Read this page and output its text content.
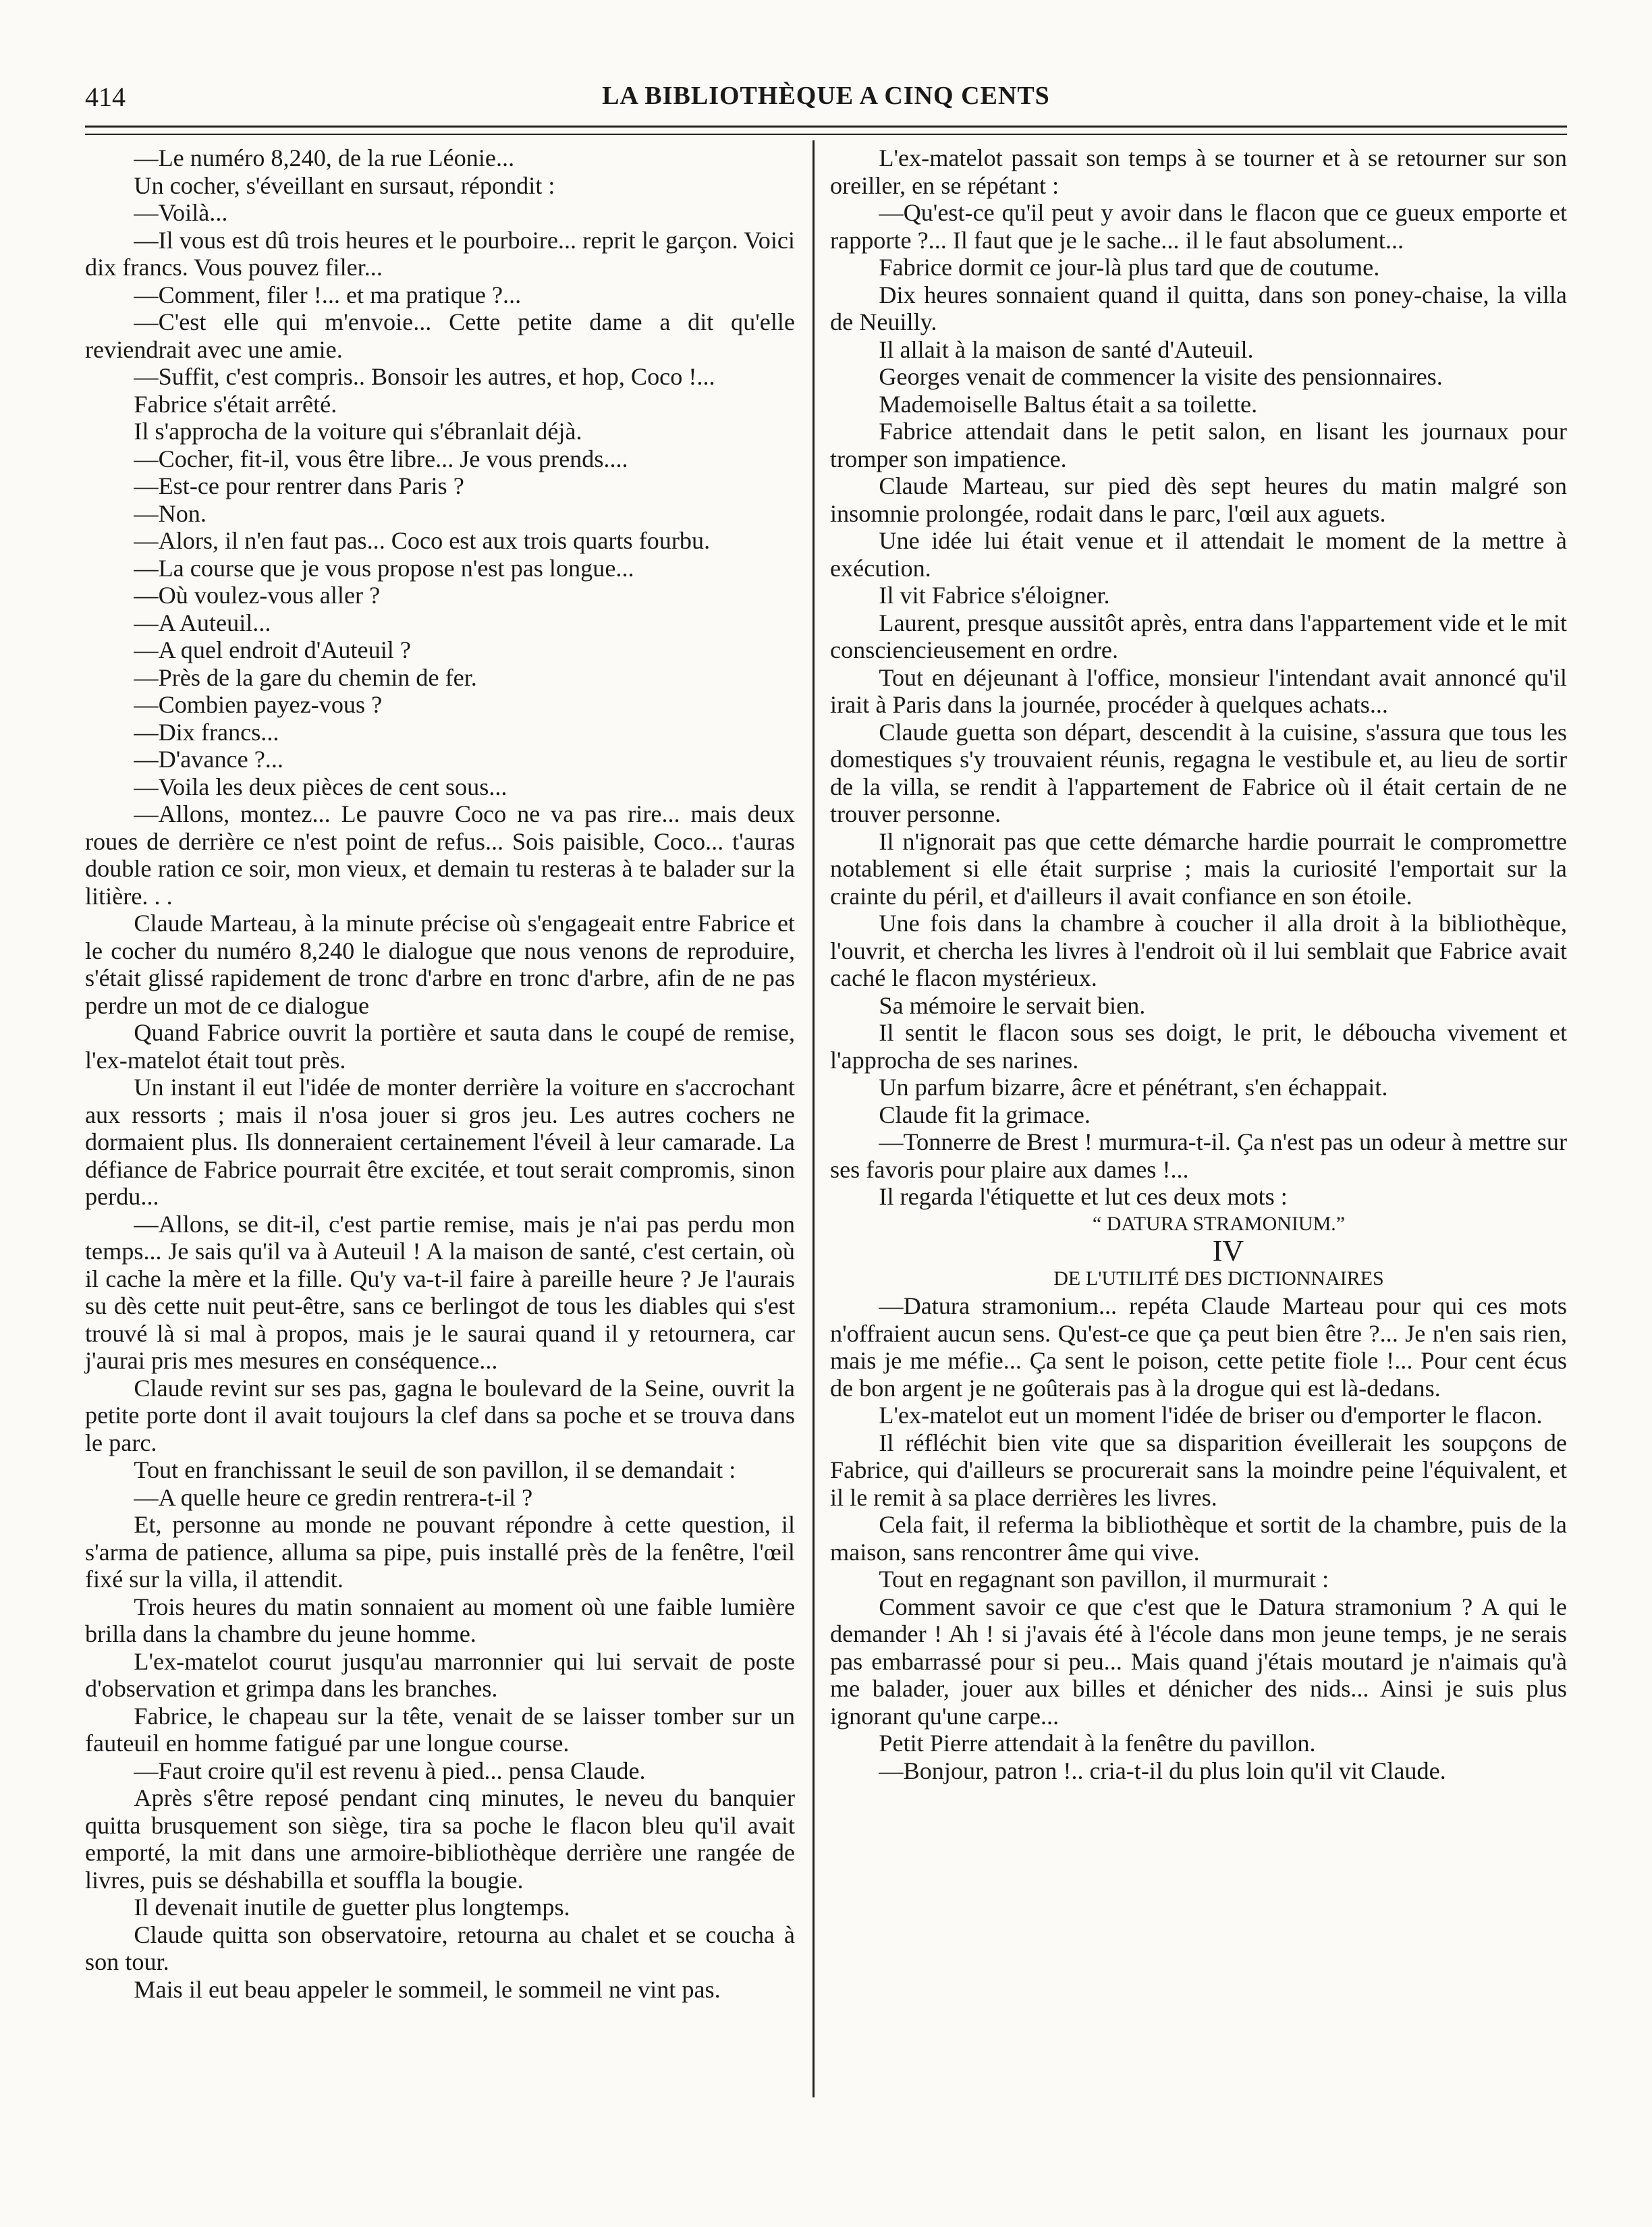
414	LA BIBLIOTHÈQUE A CINQ CENTS

—Le numéro 8,240, de la rue Léonie...

Un cocher, s'éveillant en sursaut, répondit :

—Voilà...

—Il vous est dû trois heures et le pourboire... reprit le garçon. Voici dix francs. Vous pouvez filer...

—Comment, filer !... et ma pratique ?...

—C'est elle qui m'envoie... Cette petite dame a dit qu'elle reviendrait avec une amie.

—Suffit, c'est compris.. Bonsoir les autres, et hop, Coco !...

Fabrice s'était arrêté.

Il s'approcha de la voiture qui s'ébranlait déjà.

—Cocher, fit-il, vous être libre... Je vous prends....

—Est-ce pour rentrer dans Paris ?

—Non.

—Alors, il n'en faut pas... Coco est aux trois quarts fourbu.

—La course que je vous propose n'est pas longue...

—Où voulez-vous aller ?

—A Auteuil...

—A quel endroit d'Auteuil ?

—Près de la gare du chemin de fer.

—Combien payez-vous ?

—Dix francs...

—D'avance ?...

—Voila les deux pièces de cent sous...

—Allons, montez... Le pauvre Coco ne va pas rire... mais deux roues de derrière ce n'est point de refus... Sois paisible, Coco... t'auras double ration ce soir, mon vieux, et demain tu resteras à te balader sur la litière. . .

Claude Marteau, à la minute précise où s'engageait entre Fabrice et le cocher du numéro 8,240 le dialogue que nous venons de reproduire, s'était glissé rapidement de tronc d'arbre en tronc d'arbre, afin de ne pas perdre un mot de ce dialogue

Quand Fabrice ouvrit la portière et sauta dans le coupé de remise, l'ex-matelot était tout près.

Un instant il eut l'idée de monter derrière la voiture en s'accrochant aux ressorts ; mais il n'osa jouer si gros jeu. Les autres cochers ne dormaient plus. Ils donneraient certainement l'éveil à leur camarade. La défiance de Fabrice pourrait être excitée, et tout serait compromis, sinon perdu...

—Allons, se dit-il, c'est partie remise, mais je n'ai pas perdu mon temps... Je sais qu'il va à Auteuil ! A la maison de santé, c'est certain, où il cache la mère et la fille. Qu'y va-t-il faire à pareille heure ? Je l'aurais su dès cette nuit peut-être, sans ce berlingot de tous les diables qui s'est trouvé là si mal à propos, mais je le saurai quand il y retournera, car j'aurai pris mes mesures en conséquence...

Claude revint sur ses pas, gagna le boulevard de la Seine, ouvrit la petite porte dont il avait toujours la clef dans sa poche et se trouva dans le parc.

Tout en franchissant le seuil de son pavillon, il se demandait :

—A quelle heure ce gredin rentrera-t-il ?

Et, personne au monde ne pouvant répondre à cette question, il s'arma de patience, alluma sa pipe, puis installé près de la fenêtre, l'œil fixé sur la villa, il attendit.

Trois heures du matin sonnaient au moment où une faible lumière brilla dans la chambre du jeune homme.

L'ex-matelot courut jusqu'au marronnier qui lui servait de poste d'observation et grimpa dans les branches.

Fabrice, le chapeau sur la tête, venait de se laisser tomber sur un fauteuil en homme fatigué par une longue course.

—Faut croire qu'il est revenu à pied... pensa Claude.

Après s'être reposé pendant cinq minutes, le neveu du banquier quitta brusquement son siège, tira sa poche le flacon bleu qu'il avait emporté, la mit dans une armoire-bibliothèque derrière une rangée de livres, puis se déshabilla et souffla la bougie.

Il devenait inutile de guetter plus longtemps.

Claude quitta son observatoire, retourna au chalet et se coucha à son tour.

Mais il eut beau appeler le sommeil, le sommeil ne vint pas.

L'ex-matelot passait son temps à se tourner et à se retourner sur son oreiller, en se répétant :

—Qu'est-ce qu'il peut y avoir dans le flacon que ce gueux emporte et rapporte ?... Il faut que je le sache... il le faut absolument...

Fabrice dormit ce jour-là plus tard que de coutume.

Dix heures sonnaient quand il quitta, dans son poney-chaise, la villa de Neuilly.

Il allait à la maison de santé d'Auteuil.

Georges venait de commencer la visite des pensionnaires.

Mademoiselle Baltus était a sa toilette.

Fabrice attendait dans le petit salon, en lisant les journaux pour tromper son impatience.

Claude Marteau, sur pied dès sept heures du matin malgré son insomnie prolongée, rodait dans le parc, l'œil aux aguets.

Une idée lui était venue et il attendait le moment de la mettre à exécution.

Il vit Fabrice s'éloigner.

Laurent, presque aussitôt après, entra dans l'appartement vide et le mit consciencieusement en ordre.

Tout en déjeunant à l'office, monsieur l'intendant avait annoncé qu'il irait à Paris dans la journée, procéder à quelques achats...

Claude guetta son départ, descendit à la cuisine, s'assura que tous les domestiques s'y trouvaient réunis, regagna le vestibule et, au lieu de sortir de la villa, se rendit à l'appartement de Fabrice où il était certain de ne trouver personne.

Il n'ignorait pas que cette démarche hardie pourrait le compromettre notablement si elle était surprise ; mais la curiosité l'emportait sur la crainte du péril, et d'ailleurs il avait confiance en son étoile.

Une fois dans la chambre à coucher il alla droit à la bibliothèque, l'ouvrit, et chercha les livres à l'endroit où il lui semblait que Fabrice avait caché le flacon mystérieux.

Sa mémoire le servait bien.

Il sentit le flacon sous ses doigt, le prit, le déboucha vivement et l'approcha de ses narines.

Un parfum bizarre, âcre et pénétrant, s'en échappait.

Claude fit la grimace.

—Tonnerre de Brest ! murmura-t-il. Ça n'est pas un odeur à mettre sur ses favoris pour plaire aux dames !...

Il regarda l'étiquette et lut ces deux mots :

“ DATURA STRAMONIUM.”

IV

DE L'UTILITÉ DES DICTIONNAIRES

—Datura stramonium... repéta Claude Marteau pour qui ces mots n'offraient aucun sens. Qu'est-ce que ça peut bien être ?... Je n'en sais rien, mais je me méfie... Ça sent le poison, cette petite fiole !... Pour cent écus de bon argent je ne goûterais pas à la drogue qui est là-dedans.

L'ex-matelot eut un moment l'idée de briser ou d'emporter le flacon.

Il réfléchit bien vite que sa disparition éveillerait les soupçons de Fabrice, qui d'ailleurs se procurerait sans la moindre peine l'équivalent, et il le remit à sa place derrières les livres.

Cela fait, il referma la bibliothèque et sortit de la chambre, puis de la maison, sans rencontrer âme qui vive.

Tout en regagnant son pavillon, il murmurait :

Comment savoir ce que c'est que le Datura stramonium ? A qui le demander ! Ah ! si j'avais été à l'école dans mon jeune temps, je ne serais pas embarrassé pour si peu... Mais quand j'étais moutard je n'aimais qu'à me balader, jouer aux billes et dénicher des nids... Ainsi je suis plus ignorant qu'une carpe...

Petit Pierre attendait à la fenêtre du pavillon.

—Bonjour, patron !.. cria-t-il du plus loin qu'il vit Claude.
